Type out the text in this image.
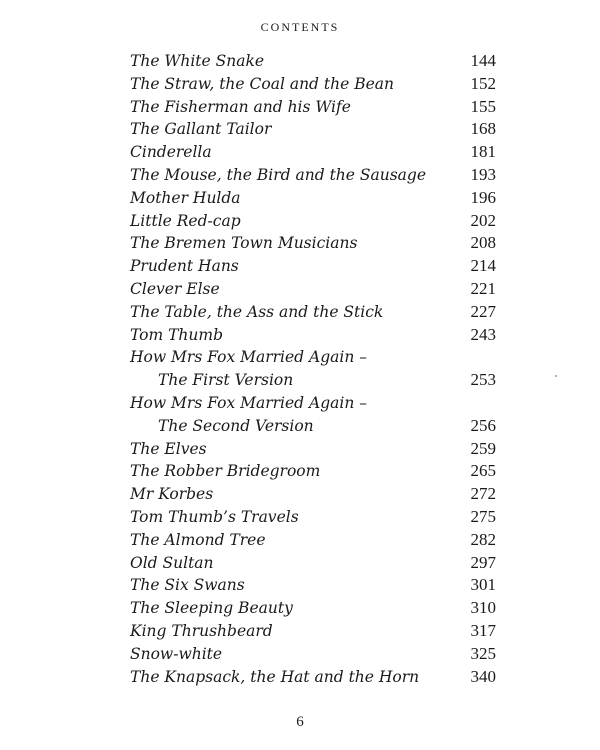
CONTENTS
The White Snake	144
The Straw, the Coal and the Bean	152
The Fisherman and his Wife	155
The Gallant Tailor	168
Cinderella	181
The Mouse, the Bird and the Sausage	193
Mother Hulda	196
Little Red-cap	202
The Bremen Town Musicians	208
Prudent Hans	214
Clever Else	221
The Table, the Ass and the Stick	227
Tom Thumb	243
How Mrs Fox Married Again –
The First Version	253
How Mrs Fox Married Again –
The Second Version	256
The Elves	259
The Robber Bridegroom	265
Mr Korbes	272
Tom Thumb’s Travels	275
The Almond Tree	282
Old Sultan	297
The Six Swans	301
The Sleeping Beauty	310
King Thrushbeard	317
Snow-white	325
The Knapsack, the Hat and the Horn	340
6
